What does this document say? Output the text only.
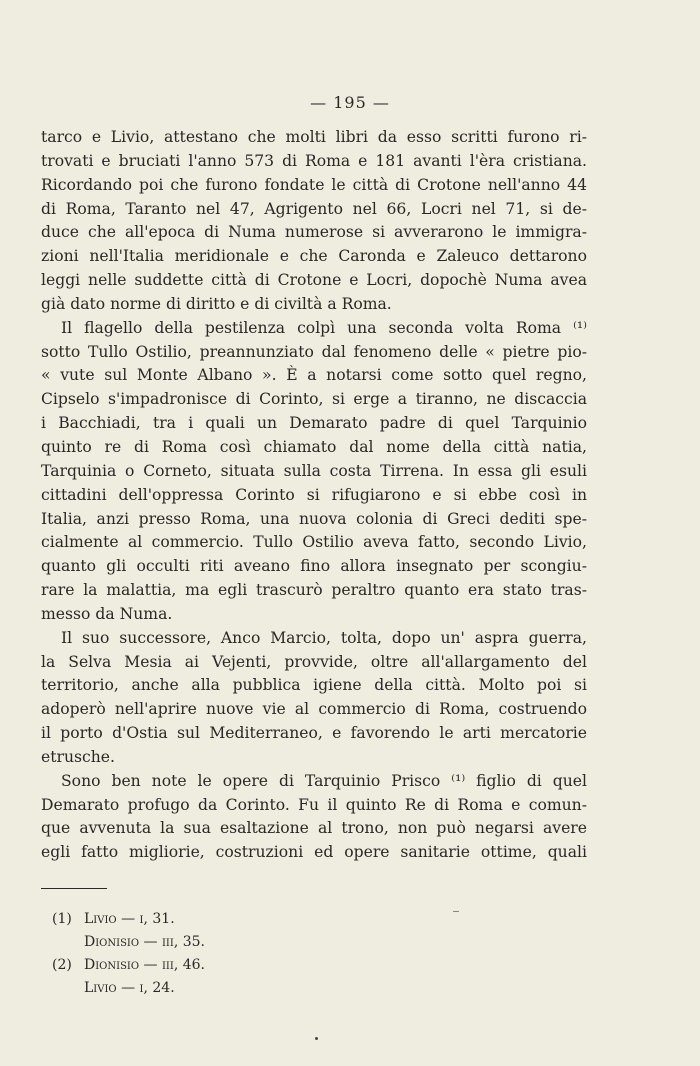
— 195 —
tarco e Livio, attestano che molti libri da esso scritti furono ri-
trovati e bruciati l'anno 573 di Roma e 181 avanti l'èra cristiana.
Ricordando poi che furono fondate le città di Crotone nell'anno 44
di Roma, Taranto nel 47, Agrigento nel 66, Locri nel 71, si de-
duce che all'epoca di Numa numerose si avverarono le immigra-
zioni nell'Italia meridionale e che Caronda e Zaleuco dettarono
leggi nelle suddette città di Crotone e Locri, dopochè Numa avea
già dato norme di diritto e di civiltà a Roma.
Il flagello della pestilenza colpì una seconda volta Roma ⁽¹⁾
sotto Tullo Ostilio, preannunziato dal fenomeno delle « pietre pio-
« vute sul Monte Albano ». È a notarsi come sotto quel regno,
Cipselo s'impadronisce di Corinto, si erge a tiranno, ne discaccia
i Bacchiadi, tra i quali un Demarato padre di quel Tarquinio
quinto re di Roma così chiamato dal nome della città natia,
Tarquinia o Corneto, situata sulla costa Tirrena. In essa gli esuli
cittadini dell'oppressa Corinto si rifugiarono e si ebbe così in
Italia, anzi presso Roma, una nuova colonia di Greci dediti spe-
cialmente al commercio. Tullo Ostilio aveva fatto, secondo Livio,
quanto gli occulti riti aveano fino allora insegnato per scongiu-
rare la malattia, ma egli trascurò peraltro quanto era stato tras-
messo da Numa.
Il suo successore, Anco Marcio, tolta, dopo un' aspra guerra,
la Selva Mesia ai Vejenti, provvide, oltre all'allargamento del
territorio, anche alla pubblica igiene della città. Molto poi si
adoperò nell'aprire nuove vie al commercio di Roma, costruendo
il porto d'Ostia sul Mediterraneo, e favorendo le arti mercatorie
etrusche.
Sono ben note le opere di Tarquinio Prisco ⁽¹⁾ figlio di quel
Demarato profugo da Corinto. Fu il quinto Re di Roma e comun-
que avvenuta la sua esaltazione al trono, non può negarsi avere
egli fatto migliorie, costruzioni ed opere sanitarie ottime, quali
(1) Livio — i, 31.
Dionisio — iii, 35.
(2) Dionisio — iii, 46.
Livio — i, 24.
